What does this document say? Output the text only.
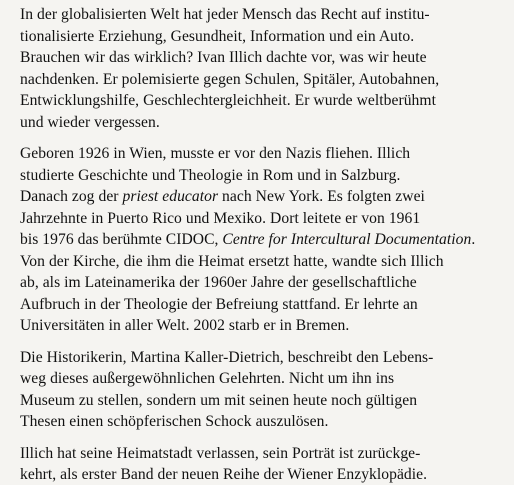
In der globalisierten Welt hat jeder Mensch das Recht auf institu-
tionalisierte Erziehung, Gesundheit, Information und ein Auto.
Brauchen wir das wirklich? Ivan Illich dachte vor, was wir heute
nachdenken. Er polemisierte gegen Schulen, Spitäler, Autobahnen,
Entwicklungshilfe, Geschlechtergleichheit. Er wurde weltberühmt
und wieder vergessen.
Geboren 1926 in Wien, musste er vor den Nazis fliehen. Illich
studierte Geschichte und Theologie in Rom und in Salzburg.
Danach zog der priest educator nach New York. Es folgten zwei
Jahrzehnte in Puerto Rico und Mexiko. Dort leitete er von 1961
bis 1976 das berühmte CIDOC, Centre for Intercultural Documentation.
Von der Kirche, die ihm die Heimat ersetzt hatte, wandte sich Illich
ab, als im Lateinamerika der 1960er Jahre der gesellschaftliche
Aufbruch in der Theologie der Befreiung stattfand. Er lehrte an
Universitäten in aller Welt. 2002 starb er in Bremen.
Die Historikerin, Martina Kaller-Dietrich, beschreibt den Lebens-
weg dieses außergewöhnlichen Gelehrten. Nicht um ihn ins
Museum zu stellen, sondern um mit seinen heute noch gültigen
Thesen einen schöpferischen Schock auszulösen.
Illich hat seine Heimatstadt verlassen, sein Porträt ist zurückge-
kehrt, als erster Band der neuen Reihe der Wiener Enzyklopädie.
